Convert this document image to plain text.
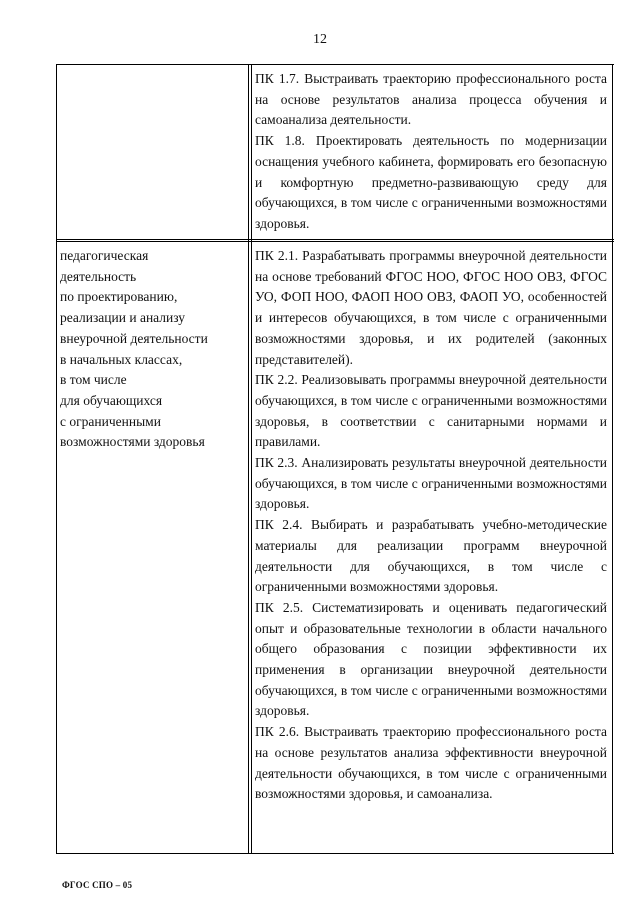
12

ПК 1.7. Выстраивать траекторию профессионального роста на основе результатов анализа процесса обучения и самоанализа деятельности.

ПК 1.8. Проектировать деятельность по модернизации оснащения учебного кабинета, формировать его безопасную и комфортную предметно-развивающую среду для обучающихся, в том числе с ограниченными возможностями здоровья.

педагогическая
деятельность
по проектированию,
реализации и анализу
внеурочной деятельности
в начальных классах,
в том числе
для обучающихся
с ограниченными
возможностями здоровья

ПК 2.1. Разрабатывать программы внеурочной деятельности на основе требований ФГОС НОО, ФГОС НОО ОВЗ, ФГОС УО, ФОП НОО, ФАОП НОО ОВЗ, ФАОП УО, особенностей и интересов обучающихся, в том числе с ограниченными возможностями здоровья, и их родителей (законных представителей).

ПК 2.2. Реализовывать программы внеурочной деятельности обучающихся, в том числе с ограниченными возможностями здоровья, в соответствии с санитарными нормами и правилами.

ПК 2.3. Анализировать результаты внеурочной деятельности обучающихся, в том числе с ограниченными возможностями здоровья.

ПК 2.4. Выбирать и разрабатывать учебно-методические материалы для реализации программ внеурочной деятельности для обучающихся, в том числе с ограниченными возможностями здоровья.

ПК 2.5. Систематизировать и оценивать педагогический опыт и образовательные технологии в области начального общего образования с позиции эффективности их применения в организации внеурочной деятельности обучающихся, в том числе с ограниченными возможностями здоровья.

ПК 2.6. Выстраивать траекторию профессионального роста на основе результатов анализа эффективности внеурочной деятельности обучающихся, в том числе с ограниченными возможностями здоровья, и самоанализа.

ФГОС СПО – 05
